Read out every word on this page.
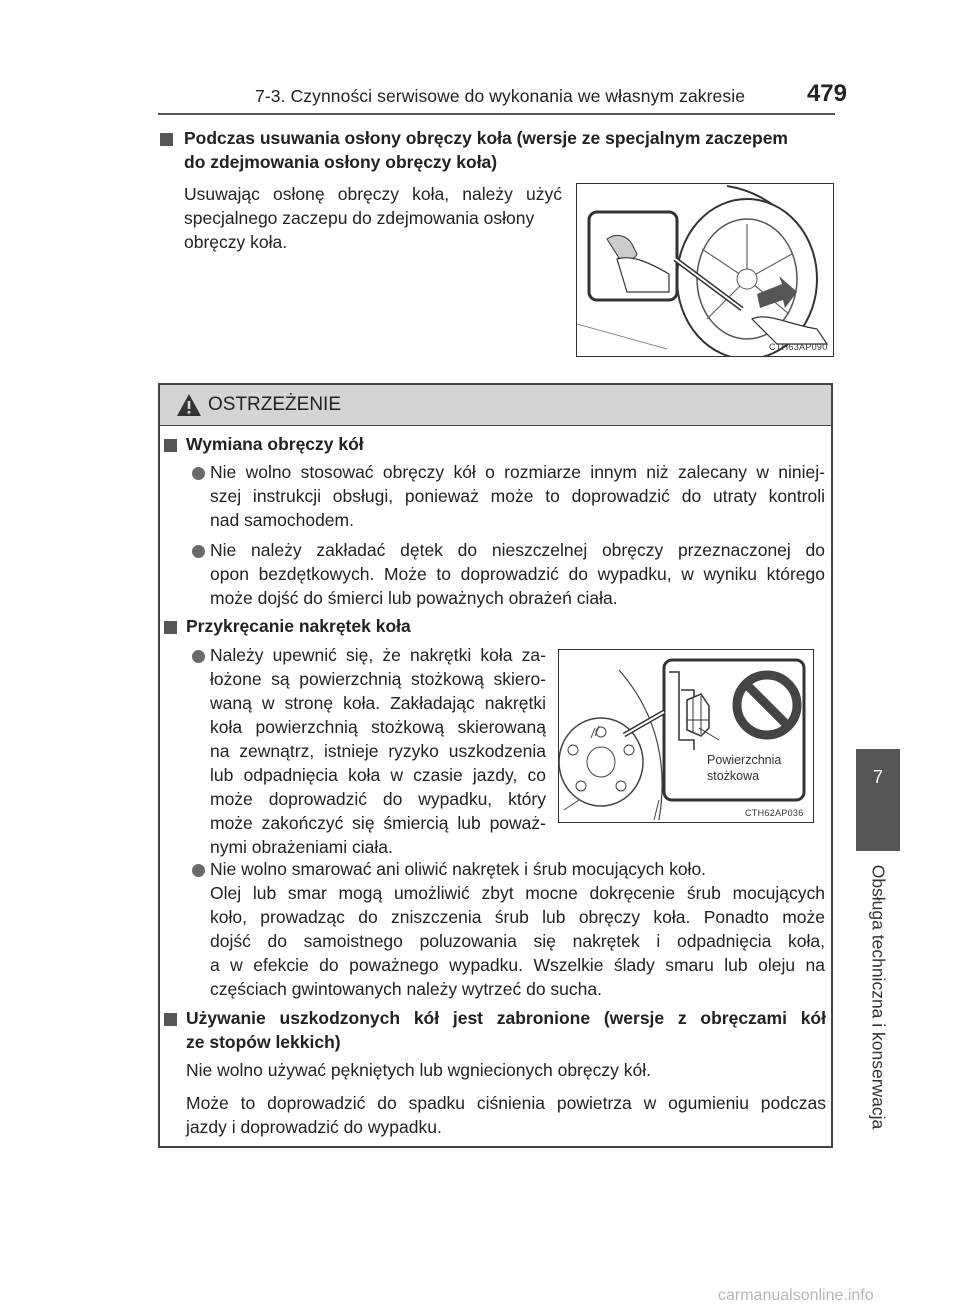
7-3. Czynności serwisowe do wykonania we własnym zakresie	479
7
Obsługa techniczna i konserwacja
Podczas usuwania osłony obręczy koła (wersje ze specjalnym zaczepem
do zdejmowania osłony obręczy koła)
Usuwając osłonę obręczy koła, należy użyć
specjalnego zaczepu do zdejmowania osłony
obręczy koła.
CTH63AP090
OSTRZEŻENIE
Wymiana obręczy kół
Nie wolno stosować obręczy kół o rozmiarze innym niż zalecany w niniej-
szej instrukcji obsługi, ponieważ może to doprowadzić do utraty kontroli
nad samochodem.
Nie należy zakładać dętek do nieszczelnej obręczy przeznaczonej do
opon bezdętkowych. Może to doprowadzić do wypadku, w wyniku którego
może dojść do śmierci lub poważnych obrażeń ciała.
Przykręcanie nakrętek koła
Należy upewnić się, że nakrętki koła za-
łożone są powierzchnią stożkową skiero-
waną w stronę koła. Zakładając nakrętki
koła powierzchnią stożkową skierowaną
na zewnątrz, istnieje ryzyko uszkodzenia
lub odpadnięcia koła w czasie jazdy, co
może doprowadzić do wypadku, który
może zakończyć się śmiercią lub poważ-
nymi obrażeniami ciała.
Powierzchnia
stożkowa
CTH62AP036
Nie wolno smarować ani oliwić nakrętek i śrub mocujących koło.
Olej lub smar mogą umożliwić zbyt mocne dokręcenie śrub mocujących
koło, prowadząc do zniszczenia śrub lub obręczy koła. Ponadto może
dojść do samoistnego poluzowania się nakrętek i odpadnięcia koła,
a w efekcie do poważnego wypadku. Wszelkie ślady smaru lub oleju na
częściach gwintowanych należy wytrzeć do sucha.
Używanie uszkodzonych kół jest zabronione (wersje z obręczami kół
ze stopów lekkich)
Nie wolno używać pękniętych lub wgniecionych obręczy kół.
Może to doprowadzić do spadku ciśnienia powietrza w ogumieniu podczas
jazdy i doprowadzić do wypadku.
carmanualsonline.info
